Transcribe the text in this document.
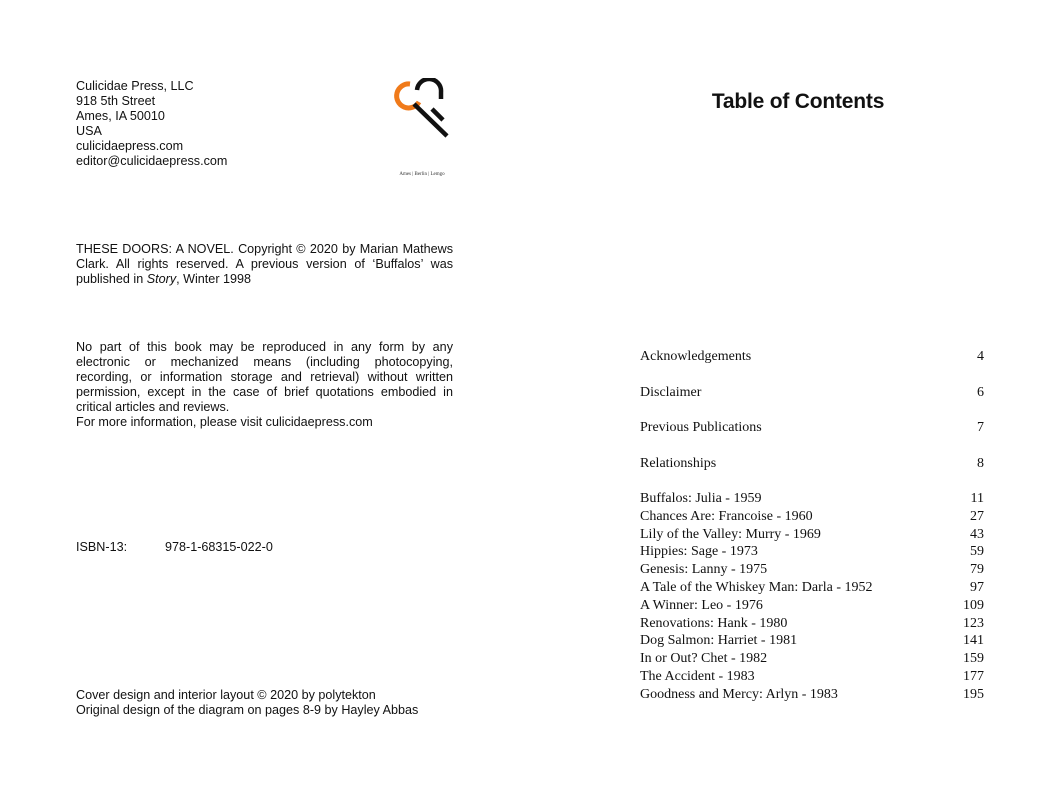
Culicidae Press, LLC
918 5th Street
Ames, IA 50010
USA
culicidaepress.com
editor@culicidaepress.com
Ames | Berlin | Lemgo
THESE DOORS: A NOVEL. Copyright © 2020 by Marian Mathews Clark. All rights reserved. A previous version of ‘Buffalos’ was published in Story, Winter 1998
No part of this book may be reproduced in any form by any electronic or mechanized means (including photocopying, recording, or information storage and retrieval) without written permission, except in the case of brief quotations embodied in critical articles and reviews.
For more information, please visit culicidaepress.com
ISBN-13:	978-1-68315-022-0
Cover design and interior layout © 2020 by polytekton
Original design of the diagram on pages 8-9 by Hayley Abbas
Table of Contents
Acknowledgements	4
Disclaimer	6
Previous Publications	7
Relationships	8
Buffalos: Julia - 1959	11
Chances Are: Francoise - 1960	27
Lily of the Valley: Murry - 1969	43
Hippies: Sage - 1973	59
Genesis: Lanny - 1975	79
A Tale of the Whiskey Man: Darla - 1952	97
A Winner: Leo - 1976	109
Renovations: Hank - 1980	123
Dog Salmon: Harriet - 1981	141
In or Out? Chet - 1982	159
The Accident - 1983	177
Goodness and Mercy: Arlyn - 1983	195
